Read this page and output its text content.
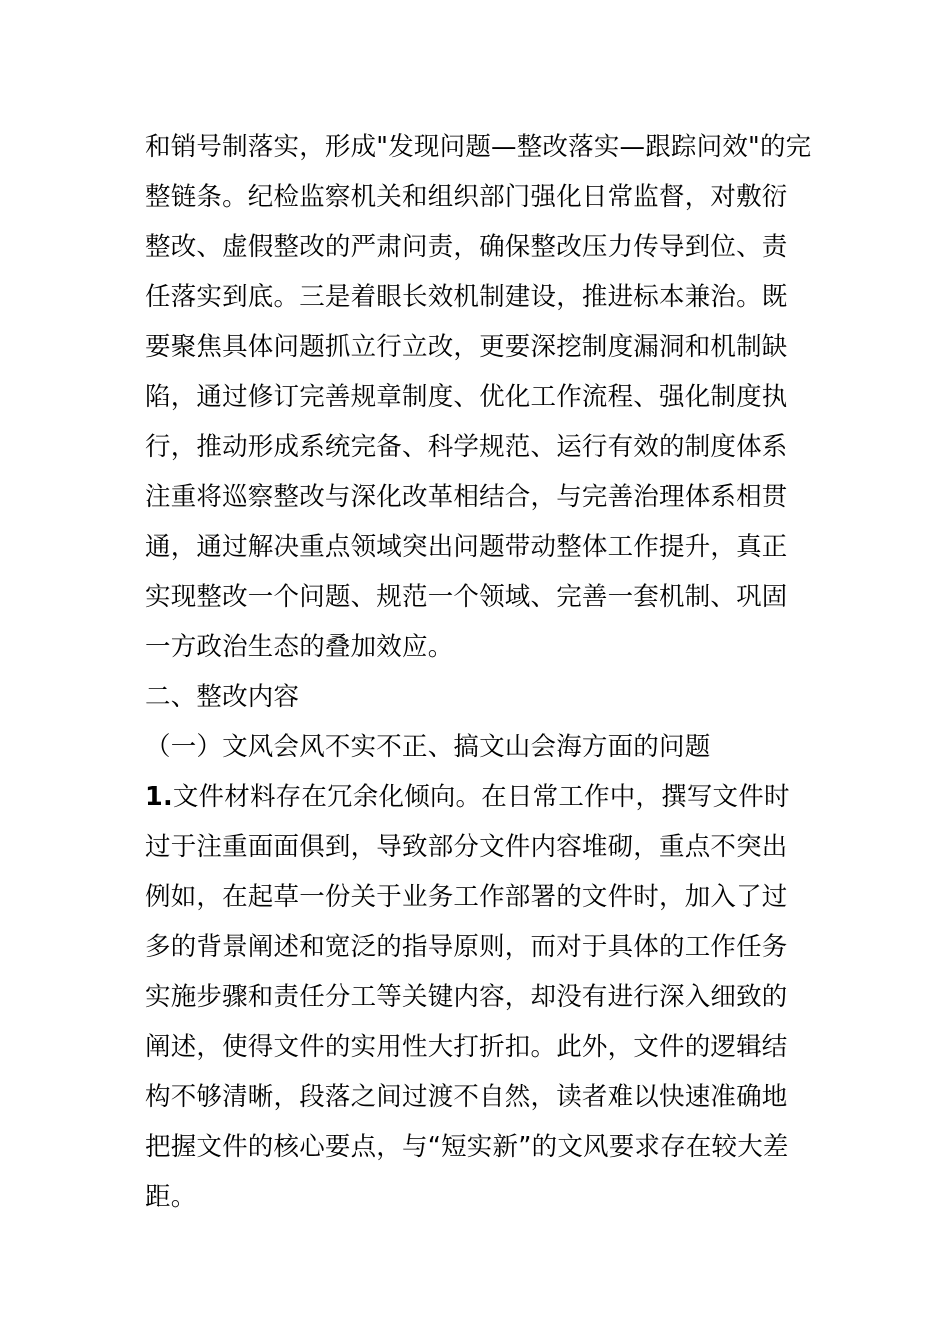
和销号制落实，形成"发现问题—整改落实—跟踪问效"的完
整链条。纪检监察机关和组织部门强化日常监督，对敷衍
整改、虚假整改的严肃问责，确保整改压力传导到位、责
任落实到底。三是着眼长效机制建设，推进标本兼治。既
要聚焦具体问题抓立行立改，更要深挖制度漏洞和机制缺
陷，通过修订完善规章制度、优化工作流程、强化制度执
行，推动形成系统完备、科学规范、运行有效的制度体系
注重将巡察整改与深化改革相结合，与完善治理体系相贯
通，通过解决重点领域突出问题带动整体工作提升，真正
实现整改一个问题、规范一个领域、完善一套机制、巩固
一方政治生态的叠加效应。
二、整改内容
（一）文风会风不实不正、搞文山会海方面的问题
1.文件材料存在冗余化倾向。在日常工作中，撰写文件时
过于注重面面俱到，导致部分文件内容堆砌，重点不突出
例如，在起草一份关于业务工作部署的文件时，加入了过
多的背景阐述和宽泛的指导原则，而对于具体的工作任务
实施步骤和责任分工等关键内容，却没有进行深入细致的
阐述，使得文件的实用性大打折扣。此外，文件的逻辑结
构不够清晰，段落之间过渡不自然，读者难以快速准确地
把握文件的核心要点，与“短实新”的文风要求存在较大差
距。
